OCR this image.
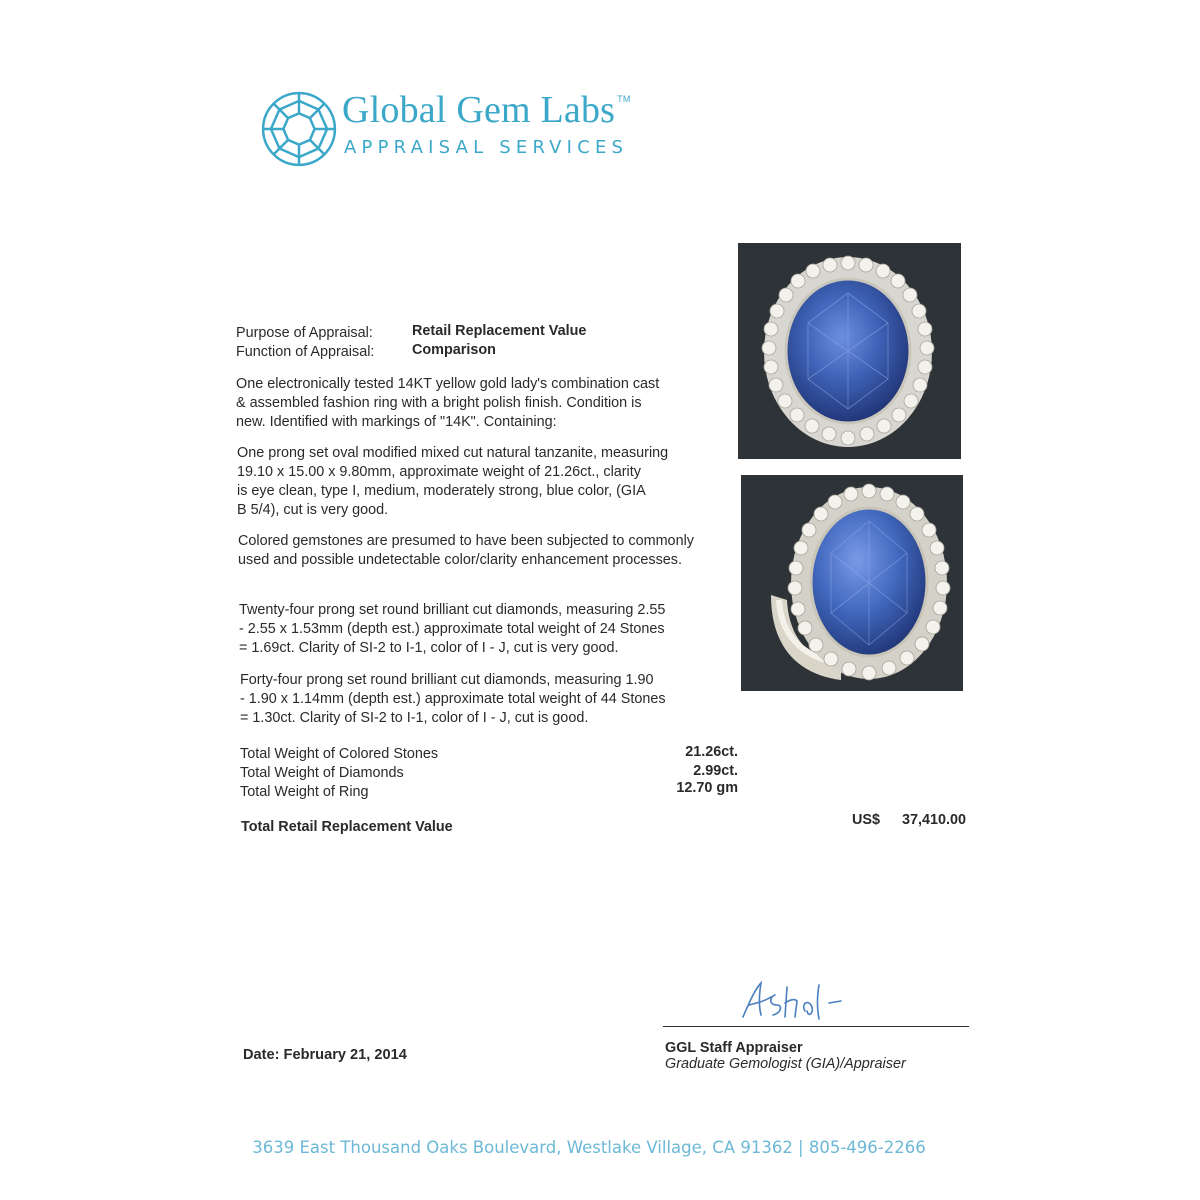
Global Gem Labs ™
APPRAISAL SERVICES
Purpose of Appraisal:	Retail Replacement Value
Function of Appraisal:	Comparison
One electronically tested 14KT yellow gold lady's combination cast
& assembled fashion ring with a bright polish finish. Condition is
new. Identified with markings of "14K". Containing:
One prong set oval modified mixed cut natural tanzanite, measuring
19.10 x 15.00 x 9.80mm, approximate weight of 21.26ct., clarity
is eye clean, type I, medium, moderately strong, blue color, (GIA
B 5/4), cut is very good.
Colored gemstones are presumed to have been subjected to commonly
used and possible undetectable color/clarity enhancement processes.
Twenty-four prong set round brilliant cut diamonds, measuring 2.55
- 2.55 x 1.53mm (depth est.) approximate total weight of 24 Stones
= 1.69ct. Clarity of SI-2 to I-1, color of I - J, cut is very good.
Forty-four prong set round brilliant cut diamonds, measuring 1.90
- 1.90 x 1.14mm (depth est.) approximate total weight of 44 Stones
= 1.30ct. Clarity of SI-2 to I-1, color of I - J, cut is good.
Total Weight of Colored Stones	21.26ct.
Total Weight of Diamonds	2.99ct.
Total Weight of Ring	12.70 gm
Total Retail Replacement Value	US$	37,410.00
Date: February 21, 2014	GGL Staff Appraiser
Graduate Gemologist (GIA)/Appraiser
3639 East Thousand Oaks Boulevard, Westlake Village, CA 91362 | 805-496-2266
